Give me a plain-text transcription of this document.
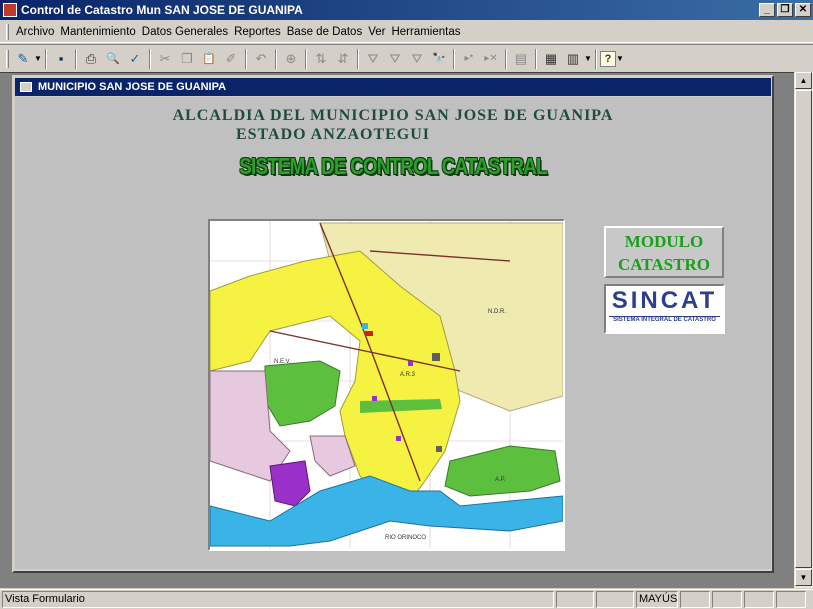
Control de Catastro Mun SAN JOSE DE GUANIPA	_	❐ ✕
Archivo Mantenimiento Datos Generales Reportes Base de Datos Ver Herramientas
✎ ▼	▪	⎙ 🔍 ✓	✂ ❐ 📋 ✐	↶	⊕	⇅ ⇵	⛛ ⛛ ⛛ 🔭	▸*	▸✕	▤	▦ ▥ ▼	? ▼
MUNICIPIO SAN JOSE DE GUANIPA
ALCALDIA DEL MUNICIPIO SAN JOSE DE GUANIPA
ESTADO ANZAOTEGUI
SISTEMA DE CONTROL CATASTRAL
N.D.R.
N.E.V.
A.R.3
A.P.
RIO ORINOCO
MODULO
CATASTRO
SINCAT
SISTEMA INTEGRAL DE CATASTRO
▲
▼
Vista Formulario	MAYÚS
